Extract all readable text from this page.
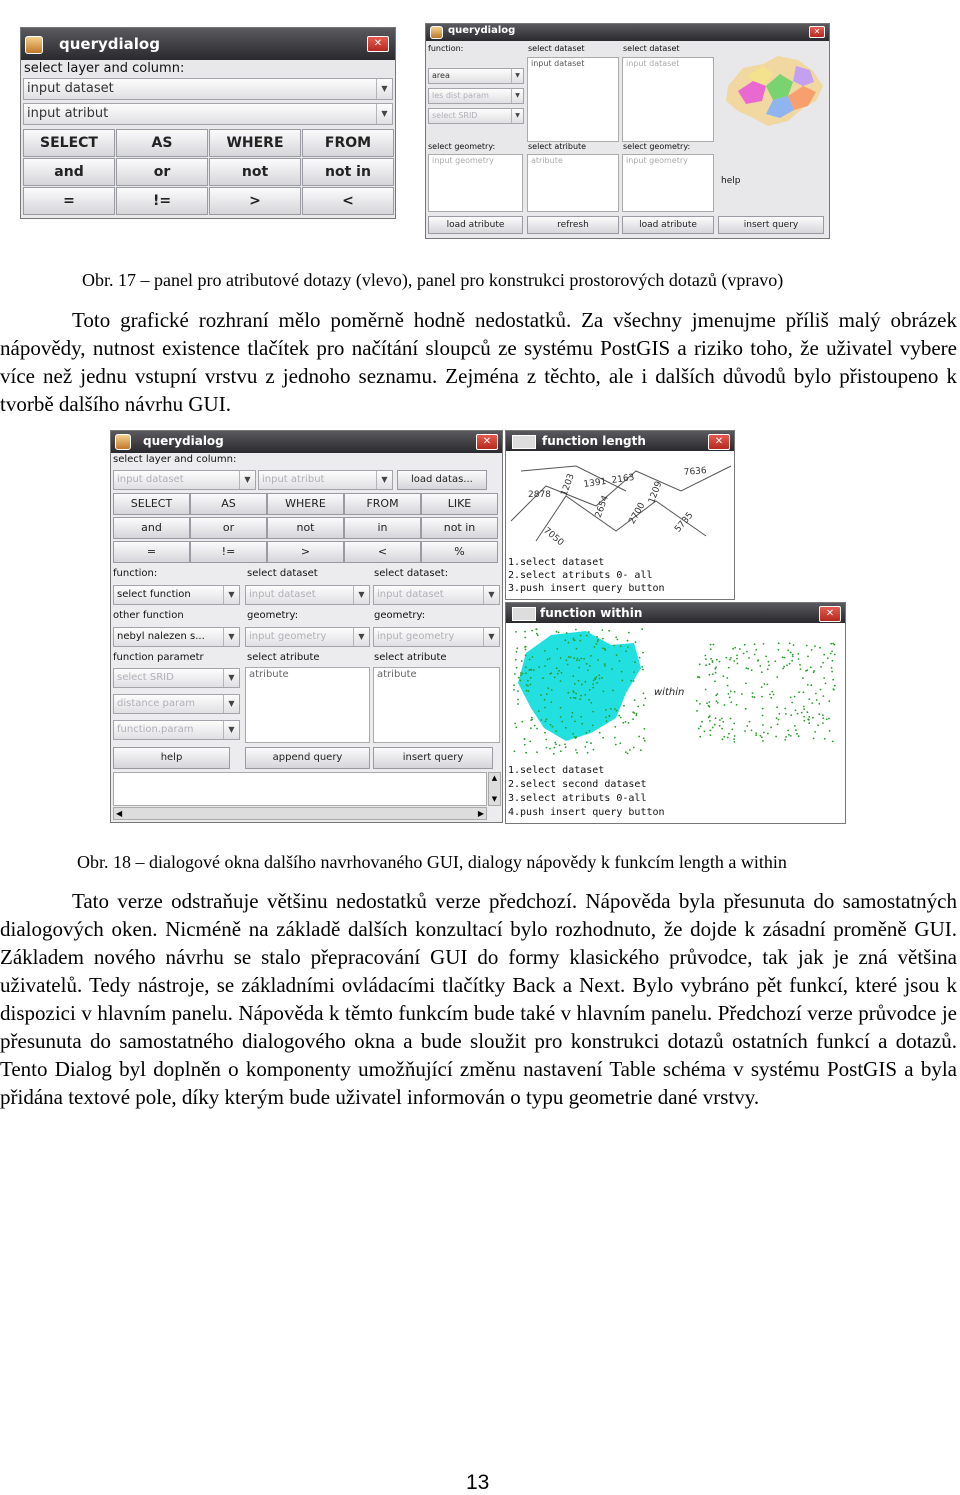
querydialog	✕
select layer and column:
input dataset	▼
input atribut	▼
SELECT	AS	WHERE	FROM
and	or	not	not in
=	!=	>	<
querydialog	✕
function:	select dataset	select dataset
area	▼
les dist param	▼
select SRID	▼
input dataset	input dataset
select geometry:	select atribute	select geometry:
input geometry	atribute	input geometry
help
load atribute	refresh	load atribute	insert query
Obr. 17 – panel pro atributové dotazy (vlevo), panel pro konstrukci prostorových dotazů (vpravo)
Toto grafické rozhraní mělo poměrně hodně nedostatků. Za všechny jmenujme příliš malý obrázek nápovědy, nutnost existence tlačítek pro načítání sloupců ze systému PostGIS a riziko toho, že uživatel vybere více než jednu vstupní vrstvu z jednoho seznamu. Zejména z těchto, ale i dalších důvodů bylo přistoupeno k tvorbě dalšího návrhu GUI.
querydialog	✕
select layer and column:
input dataset	▼	input atribut	▼	load datas...
SELECT	AS	WHERE	FROM	LIKE
and	or	not	in	not in
=	!=	>	<	%
function:	select dataset	select dataset:
select function	▼	input dataset	▼	input dataset	▼
other function	geometry:	geometry:
nebyl nalezen s...	▼	input geometry	▼	input geometry	▼
function parametr	select atribute	select atribute
select SRID	▼
distance param	▼
function.param	▼
atribute	atribute
help	append query	insert query
▲
▼
◀	▶
function length	✕
1203 1391 2163
7636
2878	2654 2700
1209
5735
7050
1.select dataset
2.select atributs 0- all
3.push insert query button
function within	✕
within
1.select dataset
2.select second dataset
3.select atributs 0-all
4.push insert query button
Obr. 18 – dialogové okna dalšího navrhovaného GUI, dialogy nápovědy k funkcím length a within
Tato verze odstraňuje většinu nedostatků verze předchozí. Nápověda byla přesunuta do samostatných dialogových oken. Nicméně na základě dalších konzultací bylo rozhodnuto, že dojde k zásadní proměně GUI. Základem nového návrhu se stalo přepracování GUI do formy klasického průvodce, tak jak je zná většina uživatelů. Tedy nástroje, se základními ovládacími tlačítky Back a Next. Bylo vybráno pět funkcí, které jsou k dispozici v hlavním panelu. Nápověda k těmto funkcím bude také v hlavním panelu. Předchozí verze průvodce je přesunuta do samostatného dialogového okna a bude sloužit pro konstrukci dotazů ostatních funkcí a dotazů. Tento Dialog byl doplněn o komponenty umožňující změnu nastavení Table schéma v systému PostGIS a byla přidána textové pole, díky kterým bude uživatel informován o typu geometrie dané vrstvy.
13
